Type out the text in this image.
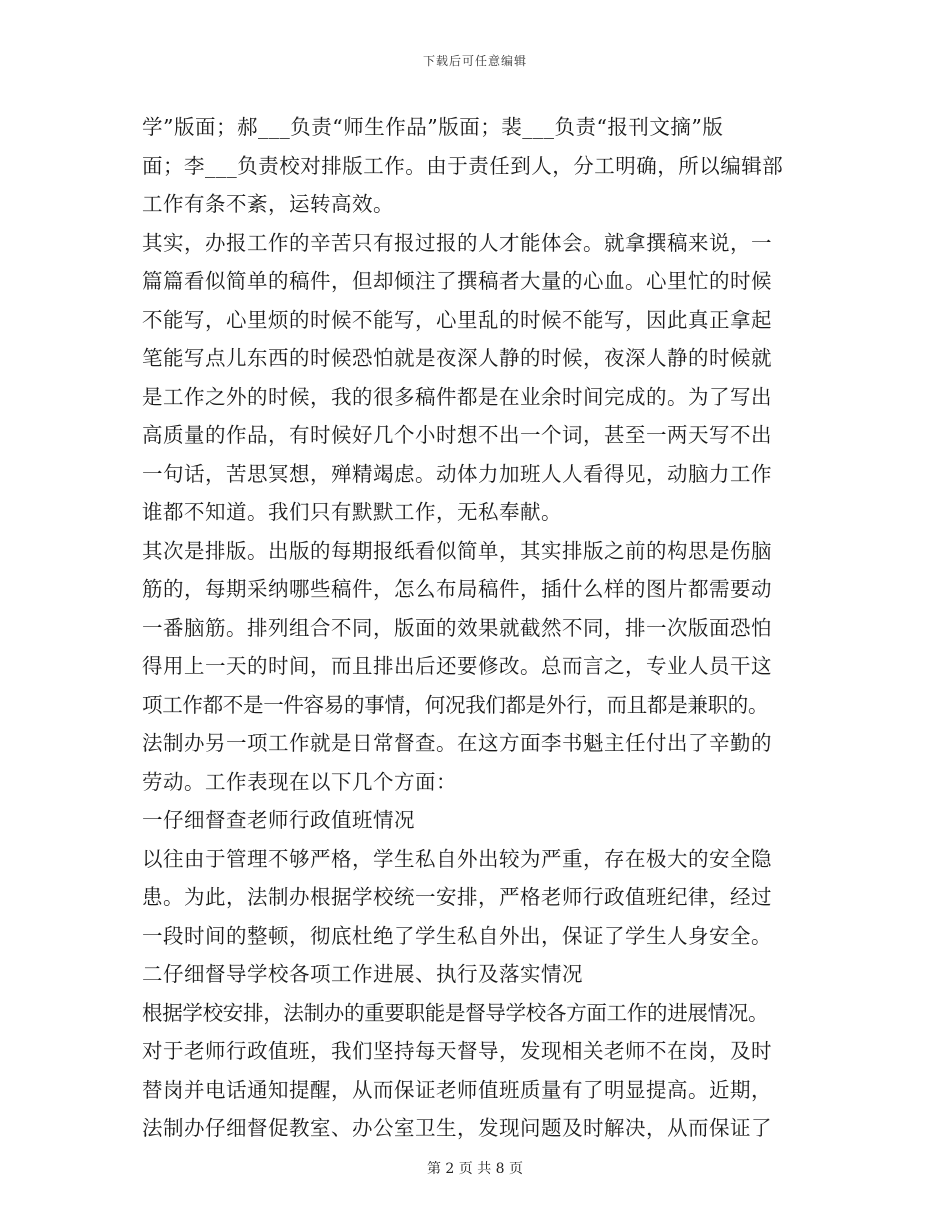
下载后可任意编辑
学”版面；郝___负责“师生作品”版面；裴___负责“报刊文摘”版
面；李___负责校对排版工作。由于责任到人，分工明确，所以编辑部
工作有条不紊，运转高效。
其实，办报工作的辛苦只有报过报的人才能体会。就拿撰稿来说，一
篇篇看似简单的稿件，但却倾注了撰稿者大量的心血。心里忙的时候
不能写，心里烦的时候不能写，心里乱的时候不能写，因此真正拿起
笔能写点儿东西的时候恐怕就是夜深人静的时候，夜深人静的时候就
是工作之外的时候，我的很多稿件都是在业余时间完成的。为了写出
高质量的作品，有时候好几个小时想不出一个词，甚至一两天写不出
一句话，苦思冥想，殚精竭虑。动体力加班人人看得见，动脑力工作
谁都不知道。我们只有默默工作，无私奉献。
其次是排版。出版的每期报纸看似简单，其实排版之前的构思是伤脑
筋的，每期采纳哪些稿件，怎么布局稿件，插什么样的图片都需要动
一番脑筋。排列组合不同，版面的效果就截然不同，排一次版面恐怕
得用上一天的时间，而且排出后还要修改。总而言之，专业人员干这
项工作都不是一件容易的事情，何况我们都是外行，而且都是兼职的。
法制办另一项工作就是日常督查。在这方面李书魁主任付出了辛勤的
劳动。工作表现在以下几个方面：
一仔细督查老师行政值班情况
以往由于管理不够严格，学生私自外出较为严重，存在极大的安全隐
患。为此，法制办根据学校统一安排，严格老师行政值班纪律，经过
一段时间的整顿，彻底杜绝了学生私自外出，保证了学生人身安全。
二仔细督导学校各项工作进展、执行及落实情况
根据学校安排，法制办的重要职能是督导学校各方面工作的进展情况。
对于老师行政值班，我们坚持每天督导，发现相关老师不在岗，及时
替岗并电话通知提醒，从而保证老师值班质量有了明显提高。近期，
法制办仔细督促教室、办公室卫生，发现问题及时解决，从而保证了
第 2 页 共 8 页
